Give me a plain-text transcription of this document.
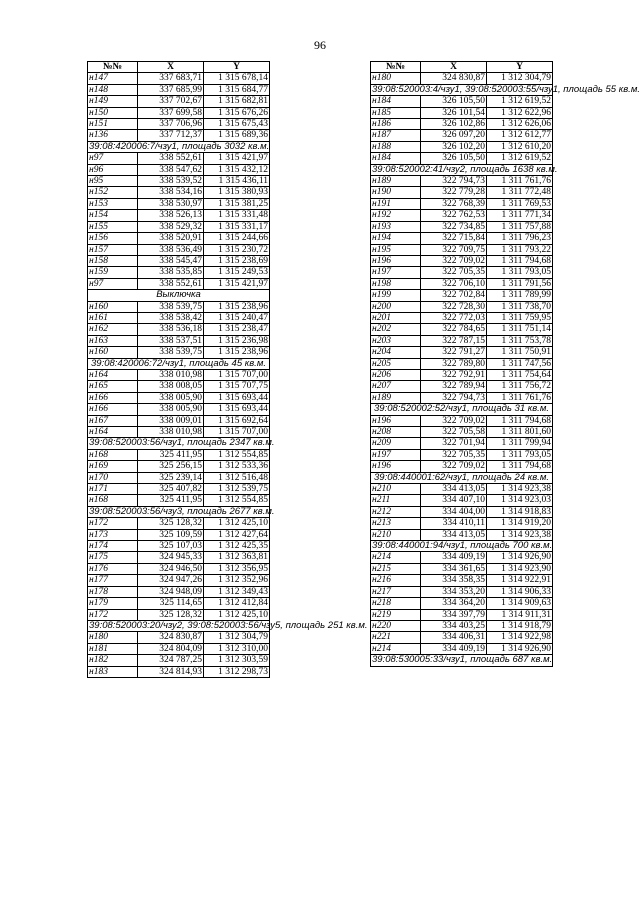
96
№№	X	Y
н147	337 683,71	1 315 678,14
н148	337 685,99	1 315 684,77
н149	337 702,67	1 315 682,81
н150	337 699,58	1 315 676,26
н151	337 706,96	1 315 675,43
н136	337 712,37	1 315 689,36
39:08:420006:7/чзу1, площадь 3032 кв.м.		
н97	338 552,61	1 315 421,97
н96	338 547,62	1 315 432,12
н95	338 539,52	1 315 436,11
н152	338 534,16	1 315 380,93
н153	338 530,97	1 315 381,25
н154	338 526,13	1 315 331,48
н155	338 529,32	1 315 331,17
н156	338 520,91	1 315 244,66
н157	338 536,49	1 315 230,72
н158	338 545,47	1 315 238,69
н159	338 535,85	1 315 249,53
н97	338 552,61	1 315 421,97
Выключка		
н160	338 539,75	1 315 238,96
н161	338 538,42	1 315 240,47
н162	338 536,18	1 315 238,47
н163	338 537,51	1 315 236,98
н160	338 539,75	1 315 238,96
39:08:420006:72/чзу1, площадь 45 кв.м.		
н164	338 010,98	1 315 707,00
н165	338 008,05	1 315 707,75
н166	338 005,90	1 315 693,44
н166	338 005,90	1 315 693,44
н167	338 009,01	1 315 692,64
н164	338 010,98	1 315 707,00
39:08:520003:56/чзу1, площадь 2347 кв.м.		
н168	325 411,95	1 312 554,85
н169	325 256,15	1 312 533,36
н170	325 239,14	1 312 516,48
н171	325 407,82	1 312 539,75
н168	325 411,95	1 312 554,85
39:08:520003:56/чзу3, площадь 2677 кв.м.		
н172	325 128,32	1 312 425,10
н173	325 109,59	1 312 427,64
н174	325 107,03	1 312 425,35
н175	324 945,33	1 312 363,81
н176	324 946,50	1 312 356,95
н177	324 947,26	1 312 352,96
н178	324 948,09	1 312 349,43
н179	325 114,65	1 312 412,84
н172	325 128,32	1 312 425,10
39:08:520003:20/чзу2, 39:08:520003:56/чзу5, площадь 251 кв.м.		
н180	324 830,87	1 312 304,79
н181	324 804,09	1 312 310,00
н182	324 787,25	1 312 303,59
н183	324 814,93	1 312 298,73
№№	X	Y
н180	324 830,87	1 312 304,79
39:08:520003:4/чзу1, 39:08:520003:55/чзу1, площадь 55 кв.м.		
н184	326 105,50	1 312 619,52
н185	326 101,54	1 312 622,96
н186	326 102,86	1 312 626,06
н187	326 097,20	1 312 612,77
н188	326 102,20	1 312 610,20
н184	326 105,50	1 312 619,52
39:08:520002:41/чзу2, площадь 1638 кв.м.		
н189	322 794,73	1 311 761,76
н190	322 779,28	1 311 772,48
н191	322 768,39	1 311 769,53
н192	322 762,53	1 311 771,34
н193	322 734,85	1 311 757,88
н194	322 715,84	1 311 796,23
н195	322 709,75	1 311 793,22
н196	322 709,02	1 311 794,68
н197	322 705,35	1 311 793,05
н198	322 706,10	1 311 791,56
н199	322 702,84	1 311 789,99
н200	322 728,30	1 311 738,70
н201	322 772,03	1 311 759,95
н202	322 784,65	1 311 751,14
н203	322 787,15	1 311 753,78
н204	322 791,27	1 311 750,91
н205	322 789,80	1 311 747,56
н206	322 792,91	1 311 754,64
н207	322 789,94	1 311 756,72
н189	322 794,73	1 311 761,76
39:08:520002:52/чзу1, площадь 31 кв.м.		
н196	322 709,02	1 311 794,68
н208	322 705,58	1 311 801,60
н209	322 701,94	1 311 799,94
н197	322 705,35	1 311 793,05
н196	322 709,02	1 311 794,68
39:08:440001:62/чзу1, площадь 24 кв.м.		
н210	334 413,05	1 314 923,38
н211	334 407,10	1 314 923,03
н212	334 404,00	1 314 918,83
н213	334 410,11	1 314 919,20
н210	334 413,05	1 314 923,38
39:08:440001:94/чзу1, площадь 700 кв.м.		
н214	334 409,19	1 314 926,90
н215	334 361,65	1 314 923,90
н216	334 358,35	1 314 922,91
н217	334 353,20	1 314 906,33
н218	334 364,20	1 314 909,63
н219	334 397,79	1 314 911,31
н220	334 403,25	1 314 918,79
н221	334 406,31	1 314 922,98
н214	334 409,19	1 314 926,90
39:08:530005:33/чзу1, площадь 687 кв.м.		
